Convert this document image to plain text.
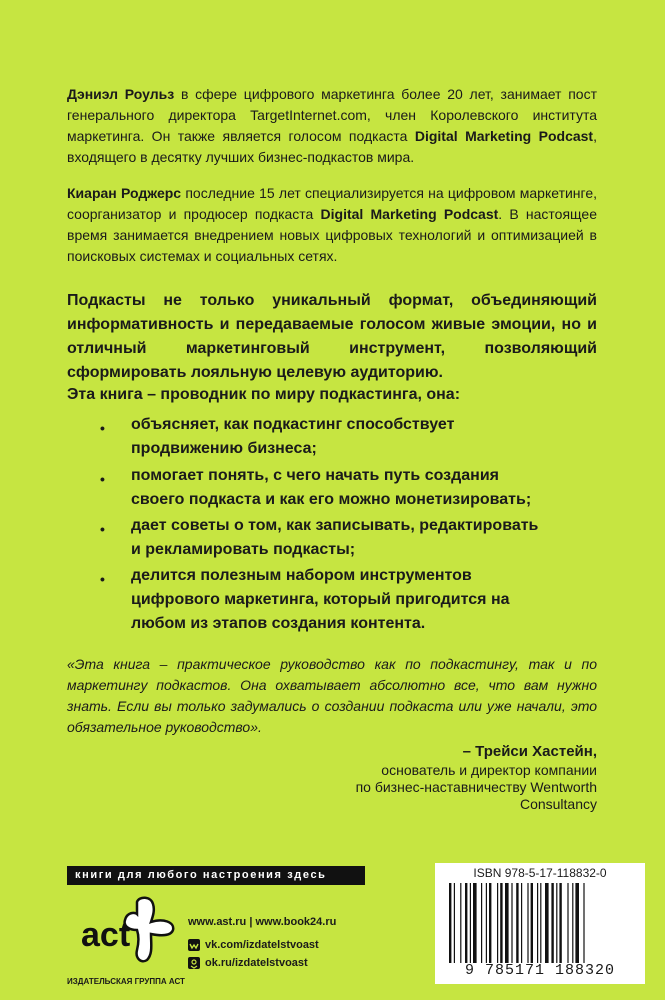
Дэниэл Роульз в сфере цифрового маркетинга более 20 лет, занимает пост генерального директора TargetInternet.com, член Королевского института маркетинга. Он также является голосом подкаста Digital Marketing Podcast, входящего в десятку лучших бизнес-подкастов мира.

Киаран Роджерс последние 15 лет специализируется на цифровом маркетинге, соорганизатор и продюсер подкаста Digital Marketing Podcast. В настоящее время занимается внедрением новых цифровых технологий и оптимизацией в поисковых системах и социальных сетях.

Подкасты не только уникальный формат, объединяющий информативность и передаваемые голосом живые эмоции, но и отличный маркетинговый инструмент, позволяющий сформировать лояльную целевую аудиторию.

Эта книга – проводник по миру подкастинга, она:

• объясняет, как подкастинг способствует продвижению бизнеса;

• помогает понять, с чего начать путь создания своего подкаста и как его можно монетизировать;

• дает советы о том, как записывать, редактировать и рекламировать подкасты;

• делится полезным набором инструментов цифрового маркетинга, который пригодится на любом из этапов создания контента.

«Эта книга – практическое руководство как по подкастингу, так и по маркетингу подкастов. Она охватывает абсолютно все, что вам нужно знать. Если вы только задумались о создании подкаста или уже начали, это обязательное руководство».

– Трейси Хастейн,
основатель и директор компании
по бизнес-наставничеству Wentworth Consultancy
книги для любого настроения здесь
act
ИЗДАТЕЛЬСКАЯ ГРУППА АСТ
www.ast.ru | www.book24.ru
vk.com/izdatelstvoast
ok.ru/izdatelstvoast
ISBN 978-5-17-118832-0
9 785171 188320
